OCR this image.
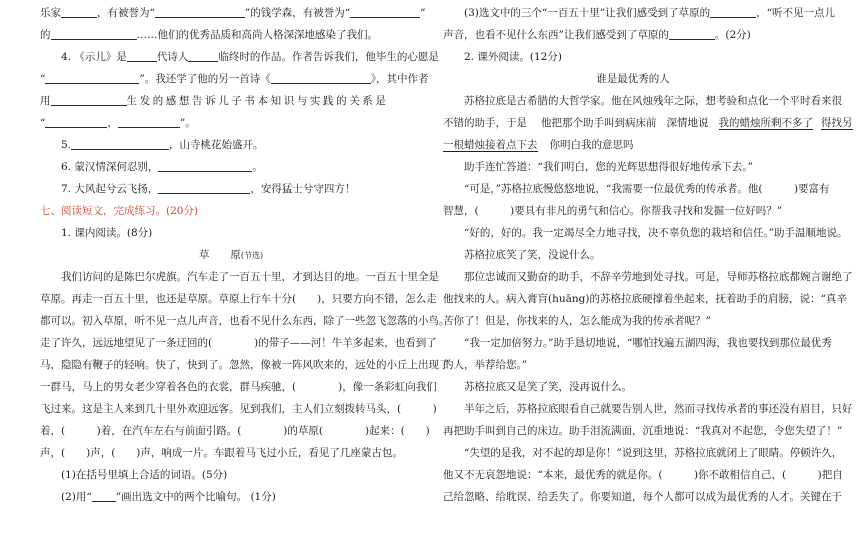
乐家	，有被誉为“	”的钱学森，有被誉为“	”
的	……他们的优秀品质和高尚人格深深地感染了我们。
4. 《示儿》是	代诗人	临终时的作品。作者告诉我们，他毕生的心愿是
“	”。我还学了他的另一首诗《	》，其中作者
用	生发的感想告诉儿子书本知识与实践的关系是
“	，	”。
5.	，山寺桃花始盛开。
6. 蒙汉情深何忍别，	。
7. 大风起兮云飞扬，	，安得猛士兮守四方！
七、阅读短文，完成练习。(20分)
1. 课内阅读。(8分)
草　　原(节选)
我们访问的是陈巴尔虎旗。汽车走了一百五十里，才到达目的地。一百五十里全是
草原。再走一百五十里，也还是草原。草原上行车十分(　　)，只要方向不错，怎么走
都可以。初入草原，听不见一点儿声音，也看不见什么东西，除了一些忽飞忽落的小鸟。
走了许久，远远地望见了一条迂回的(　　　　)的带子——河！牛羊多起来，也看到了
马，隐隐有鞭子的轻响。快了，快到了。忽然，像被一阵风吹来的，远处的小丘上出现了
一群马，马上的男女老少穿着各色的衣裳，群马疾驰，(　　　　)，像一条彩虹向我们
飞过来。这是主人来到几十里外欢迎远客。见到我们，主人们立刻拨转马头，(　　　)
着，(　　　)着，在汽车左右与前面引路。(　　　　)的草原(　　　　)起来：(　　)
声，(　　)声，(　　)声，响成一片。车跟着马飞过小丘，看见了几座蒙古包。
(1)在括号里填上合适的词语。(5分)
(2)用“ ”画出选文中的两个比喻句。 (1分)
(3)选文中的三个“一百五十里”让我们感受到了草原的	，“听不见一点儿
声音，也看不见什么东西”让我们感受到了草原的	。(2分)
2. 课外阅读。(12分)
谁是最优秀的人
苏格拉底是古希腊的大哲学家。他在风烛残年之际，想考验和点化一个平时看来很
不错的助手，于是 他把那个助手叫到病床前 深情地说 我的蜡烛所剩不多了 得找另
一根蜡烛接着点下去 你明白我的意思吗
助手连忙答道：“我们明白，您的光辉思想得很好地传承下去。”
“可是，”苏格拉底慢悠悠地说，“我需要一位最优秀的传承者。他(　　　)要富有
智慧，(　　　)要具有非凡的勇气和信心。你帮我寻找和发掘一位好吗？”
“好的，好的。我一定竭尽全力地寻找，决不辜负您的栽培和信任。”助手温顺地说。
苏格拉底笑了笑，没说什么。
那位忠诚而又勤奋的助手，不辞辛劳地到处寻找。可是，导师苏格拉底都婉言谢绝了
他找来的人。病入膏肓(huāng)的苏格拉底硬撑着坐起来，抚着助手的肩膀，说：“真辛
苦你了！但是，你找来的人，怎么能成为我的传承者呢？”
“我一定加倍努力。”助手恳切地说，“哪怕找遍五湖四海，我也要找到那位最优秀
的人，举荐给您。”
苏格拉底又是笑了笑，没再说什么。
半年之后，苏格拉底眼看自己就要告别人世，然而寻找传承者的事还没有眉目，只好
再把助手叫到自己的床边。助手泪流满面，沉重地说：“我真对不起您，令您失望了！”
“失望的是我，对不起的却是你！”说到这里，苏格拉底就闭上了眼睛。停顿许久，
他又不无哀怨地说：“本来，最优秀的就是你。(　　　)你不敢相信自己，(　　　)把自
己给忽略、给耽误、给丢失了。你要知道，每个人都可以成为最优秀的人才。关键在于
